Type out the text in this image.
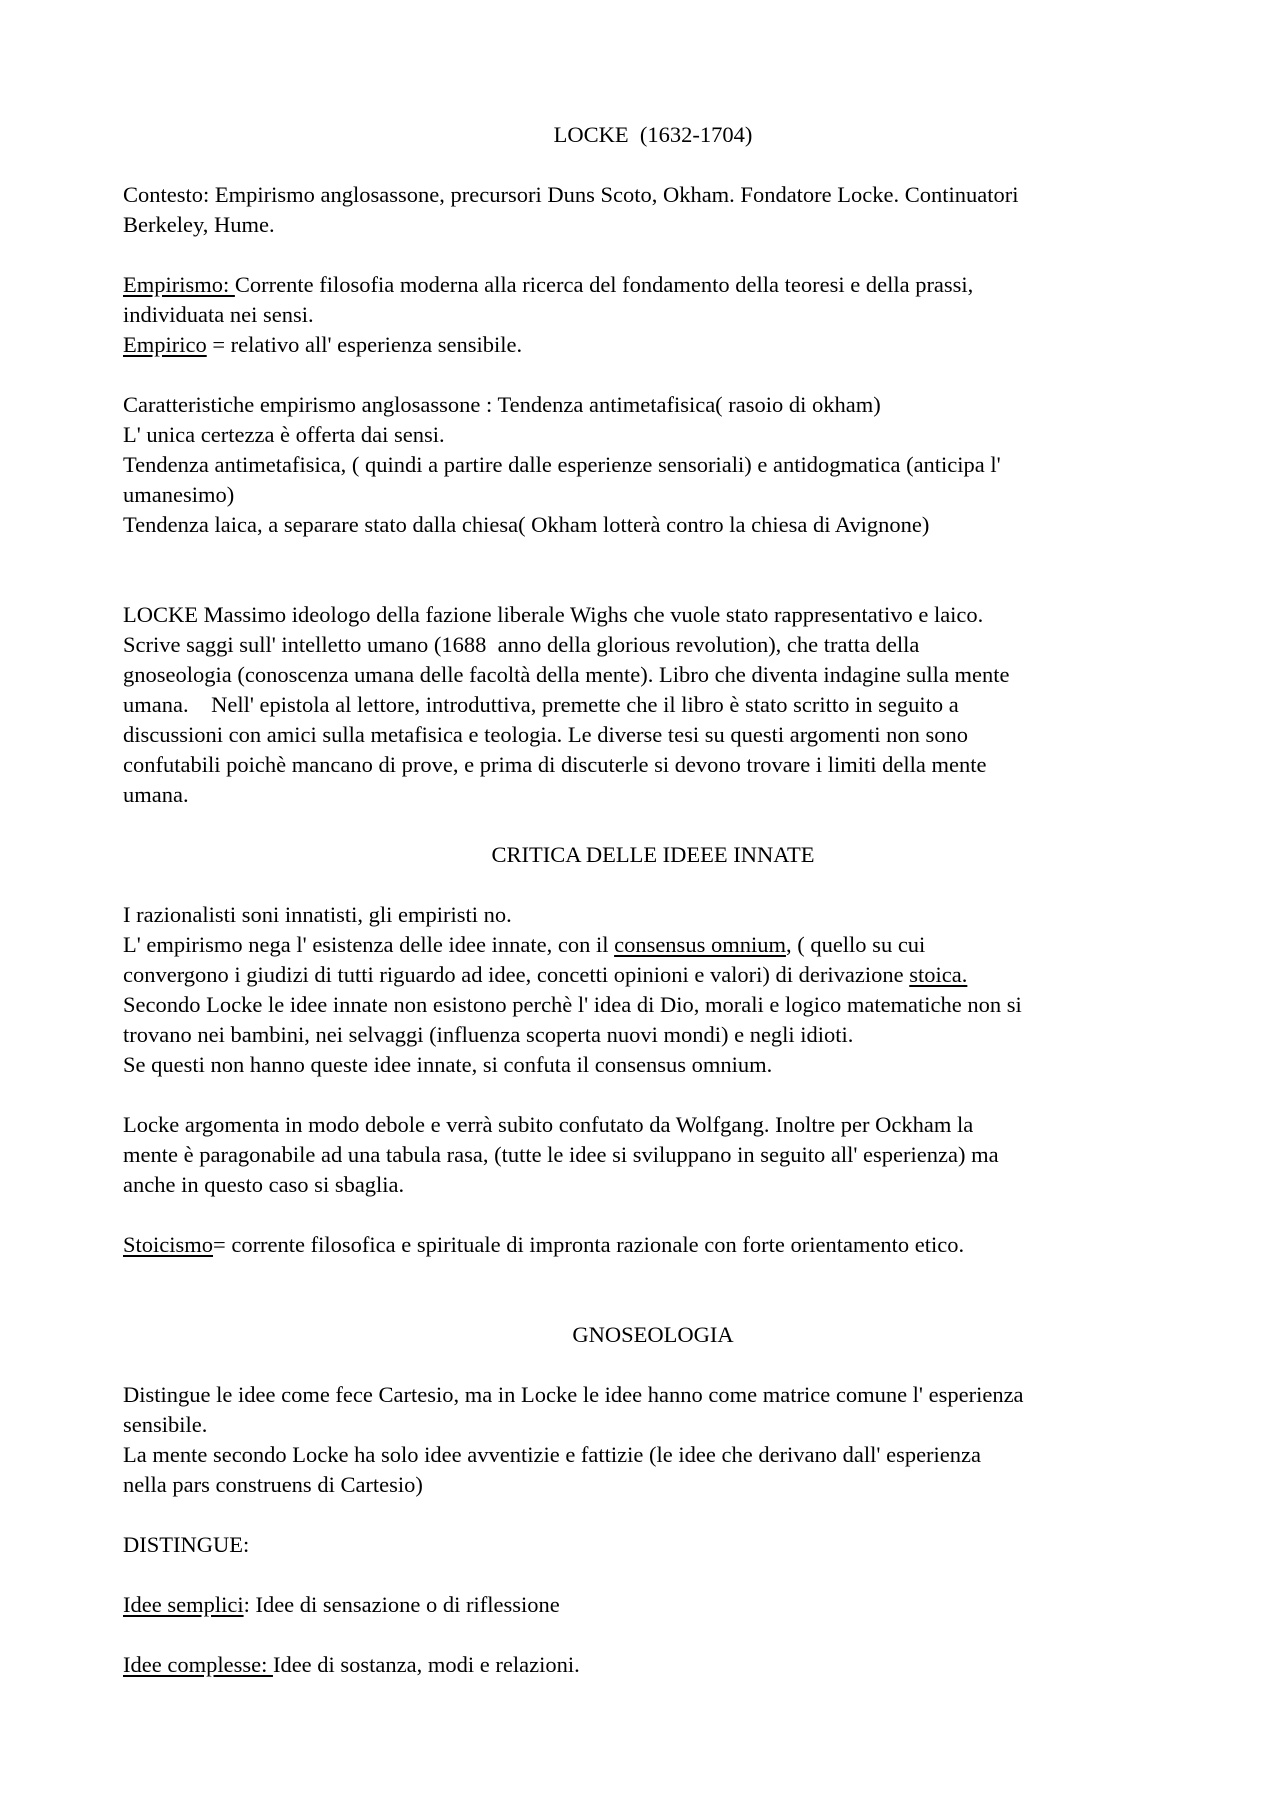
LOCKE  (1632-1704)

Contesto: Empirismo anglosassone, precursori Duns Scoto, Okham. Fondatore Locke. Continuatori

Berkeley, Hume.

Empirismo: Corrente filosofia moderna alla ricerca del fondamento della teoresi e della prassi,

individuata nei sensi.

Empirico = relativo all' esperienza sensibile.

Caratteristiche empirismo anglosassone : Tendenza antimetafisica( rasoio di okham)

L' unica certezza è offerta dai sensi.

Tendenza antimetafisica, ( quindi a partire dalle esperienze sensoriali) e antidogmatica (anticipa l'

umanesimo)

Tendenza laica, a separare stato dalla chiesa( Okham lotterà contro la chiesa di Avignone)

LOCKE Massimo ideologo della fazione liberale Wighs che vuole stato rappresentativo e laico.

Scrive saggi sull' intelletto umano (1688  anno della glorious revolution), che tratta della

gnoseologia (conoscenza umana delle facoltà della mente). Libro che diventa indagine sulla mente

umana.    Nell' epistola al lettore, introduttiva, premette che il libro è stato scritto in seguito a

discussioni con amici sulla metafisica e teologia. Le diverse tesi su questi argomenti non sono

confutabili poichè mancano di prove, e prima di discuterle si devono trovare i limiti della mente

umana.

CRITICA DELLE IDEEE INNATE

I razionalisti soni innatisti, gli empiristi no.

L' empirismo nega l' esistenza delle idee innate, con il consensus omnium, ( quello su cui

convergono i giudizi di tutti riguardo ad idee, concetti opinioni e valori) di derivazione stoica.

Secondo Locke le idee innate non esistono perchè l' idea di Dio, morali e logico matematiche non si

trovano nei bambini, nei selvaggi (influenza scoperta nuovi mondi) e negli idioti.

Se questi non hanno queste idee innate, si confuta il consensus omnium.

Locke argomenta in modo debole e verrà subito confutato da Wolfgang. Inoltre per Ockham la

mente è paragonabile ad una tabula rasa, (tutte le idee si sviluppano in seguito all' esperienza) ma

anche in questo caso si sbaglia.

Stoicismo= corrente filosofica e spirituale di impronta razionale con forte orientamento etico.

GNOSEOLOGIA

Distingue le idee come fece Cartesio, ma in Locke le idee hanno come matrice comune l' esperienza

sensibile.

La mente secondo Locke ha solo idee avventizie e fattizie (le idee che derivano dall' esperienza

nella pars construens di Cartesio)

DISTINGUE:

Idee semplici: Idee di sensazione o di riflessione

Idee complesse: Idee di sostanza, modi e relazioni.
